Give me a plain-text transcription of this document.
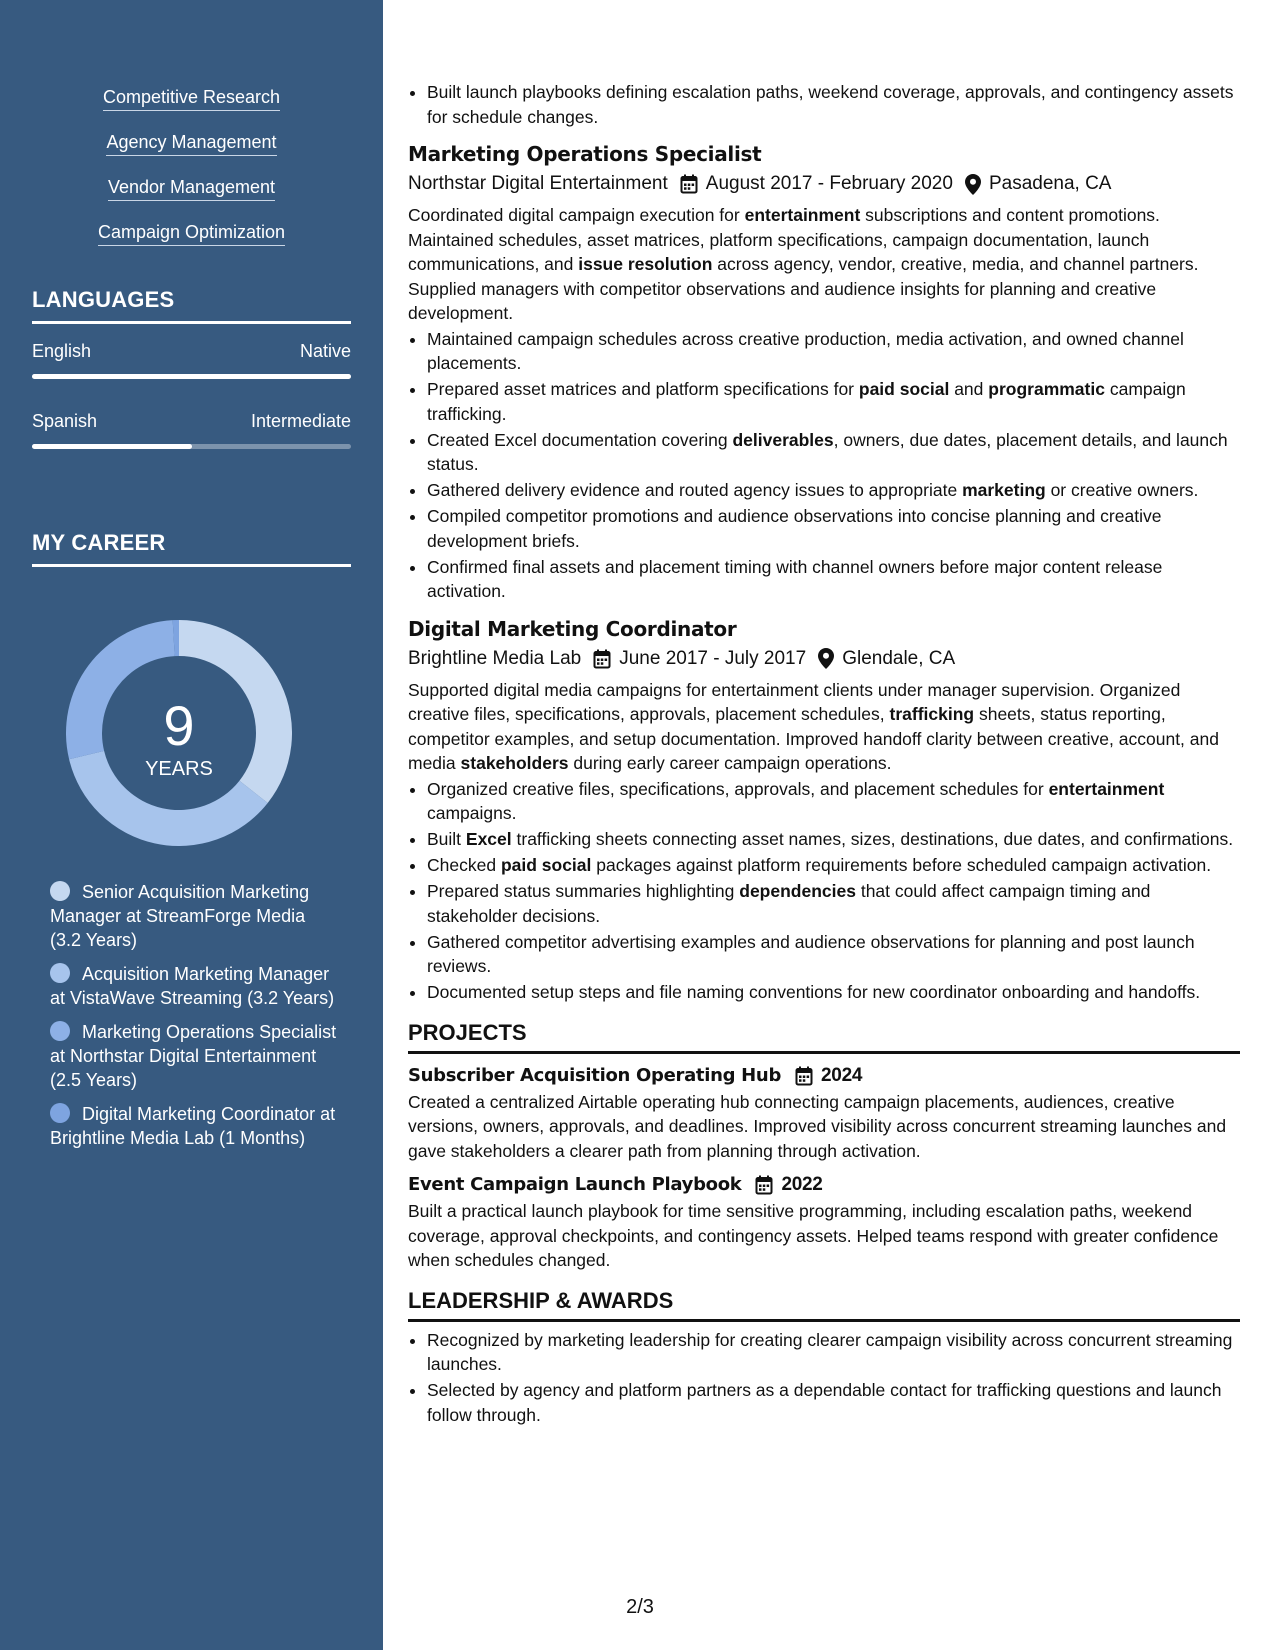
Competitive Research
Agency Management
Vendor Management
Campaign Optimization
LANGUAGES
English	Native
Spanish	Intermediate
MY CAREER
9
YEARS
Senior Acquisition Marketing Manager at StreamForge Media (3.2 Years)
Acquisition Marketing Manager at VistaWave Streaming (3.2 Years)
Marketing Operations Specialist at Northstar Digital Entertainment (2.5 Years)
Digital Marketing Coordinator at Brightline Media Lab (1 Months)
• Built launch playbooks defining escalation paths, weekend coverage, approvals, and contingency assets for schedule changes.
Marketing Operations Specialist
Northstar Digital Entertainment August 2017 - February 2020 Pasadena, CA
Coordinated digital campaign execution for entertainment subscriptions and content promotions. Maintained schedules, asset matrices, platform specifications, campaign documentation, launch communications, and issue resolution across agency, vendor, creative, media, and channel partners. Supplied managers with competitor observations and audience insights for planning and creative development.
• Maintained campaign schedules across creative production, media activation, and owned channel placements.
• Prepared asset matrices and platform specifications for paid social and programmatic campaign trafficking.
• Created Excel documentation covering deliverables, owners, due dates, placement details, and launch status.
• Gathered delivery evidence and routed agency issues to appropriate marketing or creative owners.
• Compiled competitor promotions and audience observations into concise planning and creative development briefs.
• Confirmed final assets and placement timing with channel owners before major content release activation.
Digital Marketing Coordinator
Brightline Media Lab June 2017 - July 2017 Glendale, CA
Supported digital media campaigns for entertainment clients under manager supervision. Organized creative files, specifications, approvals, placement schedules, trafficking sheets, status reporting, competitor examples, and setup documentation. Improved handoff clarity between creative, account, and media stakeholders during early career campaign operations.
• Organized creative files, specifications, approvals, and placement schedules for entertainment campaigns.
• Built Excel trafficking sheets connecting asset names, sizes, destinations, due dates, and confirmations.
• Checked paid social packages against platform requirements before scheduled campaign activation.
• Prepared status summaries highlighting dependencies that could affect campaign timing and stakeholder decisions.
• Gathered competitor advertising examples and audience observations for planning and post launch reviews.
• Documented setup steps and file naming conventions for new coordinator onboarding and handoffs.
PROJECTS
Subscriber Acquisition Operating Hub 2024
Created a centralized Airtable operating hub connecting campaign placements, audiences, creative versions, owners, approvals, and deadlines. Improved visibility across concurrent streaming launches and gave stakeholders a clearer path from planning through activation.
Event Campaign Launch Playbook 2022
Built a practical launch playbook for time sensitive programming, including escalation paths, weekend coverage, approval checkpoints, and contingency assets. Helped teams respond with greater confidence when schedules changed.
LEADERSHIP & AWARDS
• Recognized by marketing leadership for creating clearer campaign visibility across concurrent streaming launches.
• Selected by agency and platform partners as a dependable contact for trafficking questions and launch follow through.
2/3
